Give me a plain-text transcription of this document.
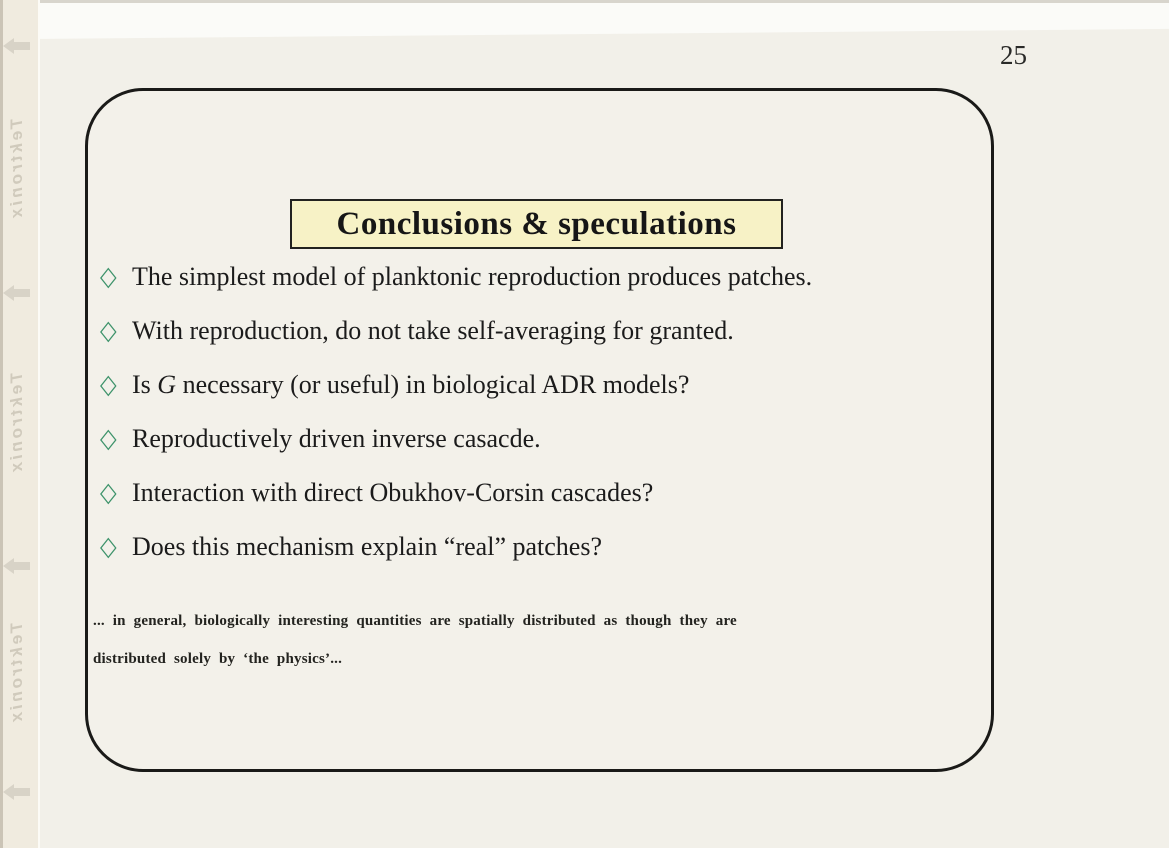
Tektronix
Tektronix
Tektronix
25
Conclusions & speculations
◇ The simplest model of planktonic reproduction produces patches.
◇ With reproduction, do not take self-averaging for granted.
◇ Is G necessary (or useful) in biological ADR models?
◇ Reproductively driven inverse casacde.
◇ Interaction with direct Obukhov-Corsin cascades?
◇ Does this mechanism explain “real” patches?
... in general, biologically interesting quantities are spatially distributed as though they are
distributed solely by ‘the physics’...
